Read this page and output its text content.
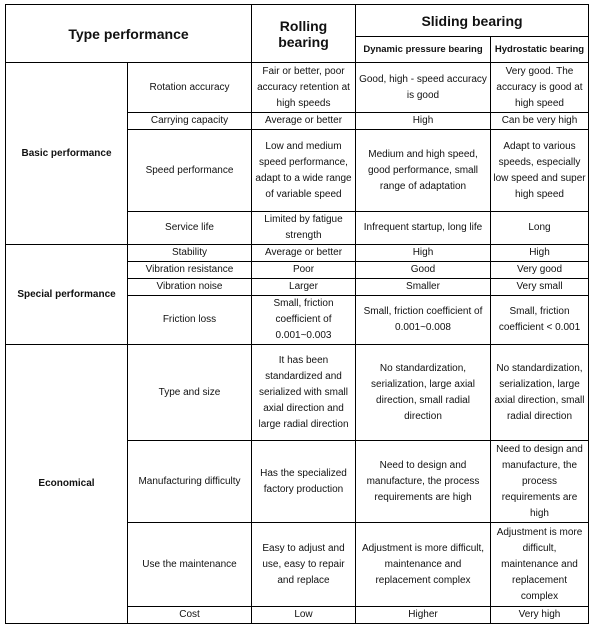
Type performance		Rolling bearing	Sliding bearing	
			Dynamic pressure bearing	Hydrostatic bearing
Basic performance	Rotation accuracy	Fair or better, poor accuracy retention at high speeds	Good, high - speed accuracy is good	Very good. The accuracy is good at high speed
	Carrying capacity	Average or better	High	Can be very high
	Speed performance	Low and medium speed performance, adapt to a wide range of variable speed	Medium and high speed, good performance, small range of adaptation	Adapt to various speeds, especially low speed and super high speed
	Service life	Limited by fatigue strength	Infrequent startup, long life	Long
Special performance	Stability	Average or better	High	High
	Vibration resistance	Poor	Good	Very good
	Vibration noise	Larger	Smaller	Very small
	Friction loss	Small, friction coefficient of 0.001~0.003	Small, friction coefficient of 0.001~0.008	Small, friction coefficient < 0.001
Economical	Type and size	It has been standardized and serialized with small axial direction and large radial direction	No standardization, serialization, large axial direction, small radial direction	No standardization, serialization, large axial direction, small radial direction
	Manufacturing difficulty	Has the specialized factory production	Need to design and manufacture, the process requirements are high	Need to design and manufacture, the process requirements are high
	Use the maintenance	Easy to adjust and use, easy to repair and replace	Adjustment is more difficult, maintenance and replacement complex	Adjustment is more difficult, maintenance and replacement complex
	Cost	Low	Higher	Very high
